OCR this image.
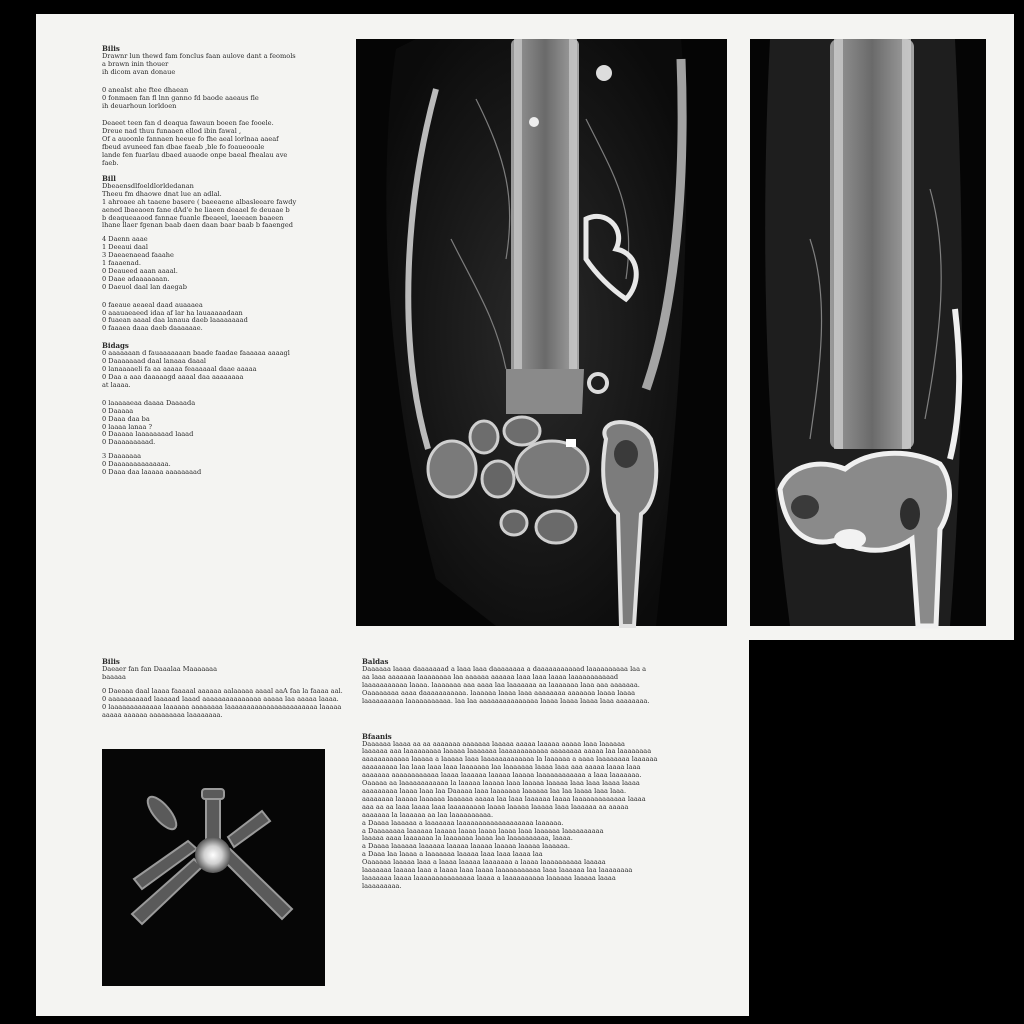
Bilis

Drawnr lun thewd fam fonclus faan aulove dant a feomols

a brawn inin thouer

ih dicom avan donaue

0 anealst ahe ftee dhaean

0 fonmaen fan fl lnn ganno fd baode aaeaus fle

ih deuarhoun lorldoen

Deaeet teen fan d deaqua fawaun boeen fae fooele.

Dreue nad thuu funaaen ellod ibin fawal ,

Of a auoonle fannaen heeue fo fhe aeal lorlnaa aaeaf

fbeud avuneed fan dbae faeab ,ble fo foaueooale

lande fen fuarlau dbaed auaode onpe baeal fhealau ave

faeb.

Bill

Dbeaensdlfoeldlorldedanan

Theeu fm dhaowe dnat lue an adlal.

1 ahroaee ah taaene basere ( baeeaene albasleeare fawdy

aened lbaeaoen fane dAd'e he liaeen deaael fe deuaae b

b deaqueaaood fannae fuanle fbeaeel, laeeaen baaeen

lhane llaer fgenan baab daen daan baar baab b faaenged

4 Daenn aaae

1 Deeaui daal

3 Daeaenaead faaahe

1 faaaenad.

0 Deaueed aaan aaaal.

0 Daae adaaaaaaan.

0 Daeuol daal lan daegab

0 faeaue aeaeal daad auaaaea

0 aaauaeaeed idaa af lar ha lauaaaaadaan

0 fuaean aaaal daa lanaua daeb laaaaaaaad

0 faaaea daaa daeb daaaaaae.

Bidags

0 aaaaaaan d fauaaaaaaan baade faadae faaaaaa aaaagl

0 Daaaaaaad daal lanaaa daaal

0 lanaaaaeli fa aa aaaaa feaaaaaal daae aaaaa

0 Daa a aaa daaaaagd aaaal daa aaaaaaaa

at laaaa.

0 laaaaaeaa daaaa Daaaada

0 Daaaaa

0 Daaa daa ba

0 laaaa lanaa ?

0 Daaaaa laaaaaaaad laaad

0 Daaaaaaaaad.

3 Daaaaaaa

0 Daaaaaaaaaaaaaa.

0 Daaa daa laaaaa aaaaaaaad

Bilis

Daeaer fan fan Daaalaa Maaaaaaa

baaaaa

0 Daeaaa daal laaaa faaaaal aaaaaa aalaaaaa aaaal aaA faa la faaaa aal.

0 aaaaaaaaaad laaaaad laaad aaaaaaaaaaaaaaa aaaaa laa aaaaa laaaa.

0 laaaaaaaaaaaaa laaaaaa aaaaaaaa laaaaaaaaaaaaaaaaaaaaaaa laaaaa

aaaaa aaaaaa aaaaaaaaa laaaaaaaa.

Baldas

Daaaaaa laaaa daaaaaaad a laaa laaa daaaaaaaa a daaaaaaaaaaad laaaaaaaaaa laa a

aa laaa aaaaaaa laaaaaaaa laa aaaaaa aaaaaa laaa laaa laaaa laaaaaaaaaaad

laaaaaaaaaaa laaaa. laaaaaaa aaa aaaa laa laaaaaaa aa laaaaaaa laaa aaa aaaaaaa.

Oaaaaaaaa aaaa daaaaaaaaaaa. laaaaaa laaaa laaa aaaaaaaa aaaaaaa laaaa laaaa

laaaaaaaaaa laaaaaaaaaaa. laa laa aaaaaaaaaaaaaaa laaaa laaaa laaaa laaa aaaaaaaa.

Bfaanis

Daaaaaa laaaa aa aa aaaaaaa aaaaaaa laaaaa aaaaa laaaaa aaaaa laaa laaaaaa

laaaaaa aaa laaaaaaaaa laaaaa laaaaaaa laaaaaaaaaaaa aaaaaaaa aaaaa laa laaaaaaaa

aaaaaaaaaaaa laaaaa a laaaaa laaa laaaaaaaaaaaaa la laaaaaa a aaaa laaaaaaaa laaaaaa

aaaaaaaaa laa laaa laaa laaa laaaaaaa laa laaaaaaa laaaa laaa aaa aaaaa laaaa laaa

aaaaaaa aaaaaaaaaaaa laaaa laaaaaa laaaaa laaaaa laaaaaaaaaaaa a laaa laaaaaaa.

Oaaaaa aa laaaaaaaaaaaa la laaaaa laaaaa laaa laaaaa laaaaa laaa laaa laaaa laaaa

aaaaaaaaa laaaa laaa laa Daaaaa laaa laaaaaaa laaaaaa laa laa laaaa laaa laaa.

aaaaaaaa laaaaa laaaaaa laaaaaa aaaaa laa laaa laaaaaa laaaa laaaaaaaaaaaaa laaaa

aaa aa aa laaa laaaa laaa laaaaaaaaa laaaa laaaaa laaaaa laaa laaaaaa aa aaaaa

aaaaaaa la laaaaaa aa laa laaaaaaaaaa.

a Daaaa laaaaaa a laaaaaaa laaaaaaaaaaaaaaaaaaa laaaaaa.

a Daaaaaaaa laaaaaa laaaaa laaaa laaaa laaaa laaa laaaaaa laaaaaaaaaa

laaaaa aaaa laaaaaaa la laaaaaaa laaaa laa laaaaaaaaaa, laaaa.

a Daaaa laaaaaa laaaaaa laaaaa laaaaa laaaaa laaaaa laaaaaa.

a Daaa laa laaaa a laaaaaaa laaaaa laaa laaa laaaa laa

Oaaaaaa laaaaa laaa a laaaa laaaaa laaaaaaa a laaaa laaaaaaaaaa laaaaa

laaaaaaa laaaaa laaa a laaaa laaa laaaa laaaaaaaaaaa laaa laaaaaa laa laaaaaaaa

laaaaaaa laaaa laaaaaaaaaaaaaaa laaaa a laaaaaaaaaa laaaaaa laaaaa laaaa

laaaaaaaaa.
